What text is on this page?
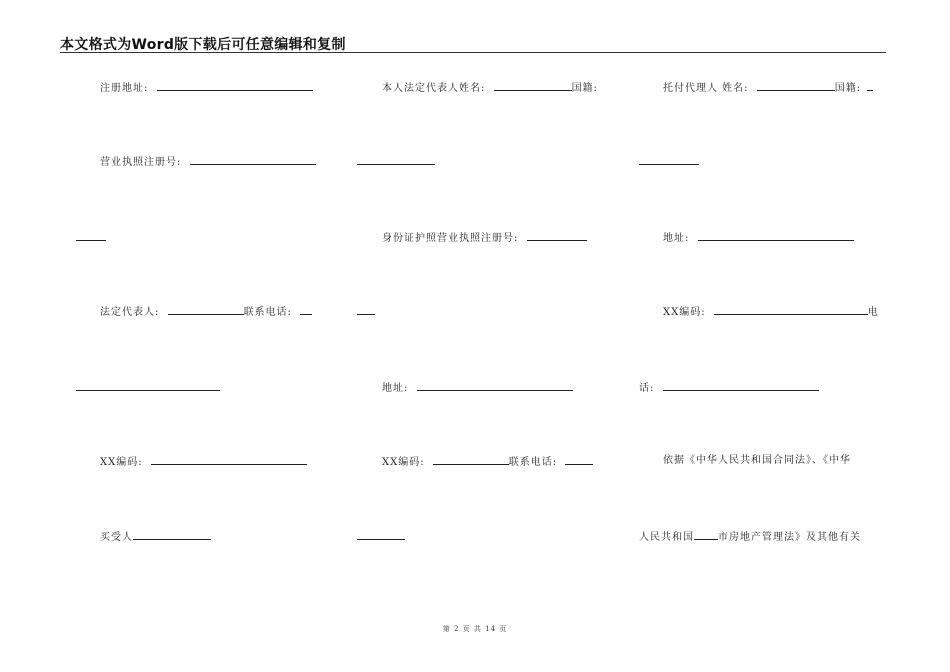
本文格式为Word版下载后可任意编辑和复制
注册地址:
营业执照注册号:
法定代表人:	联系电话:
XX编码:
买受人
本人法定代表人姓名:	国籍:
身份证护照营业执照注册号:
地址:
XX编码:	联系电话:
托付代理人 姓名:	国籍:
地址:
XX编码:	电
话:
依据《中华人民共和国合同法》、《中华
人民共和国 市房地产管理法》及其他有关
第 2 页 共 14 页
